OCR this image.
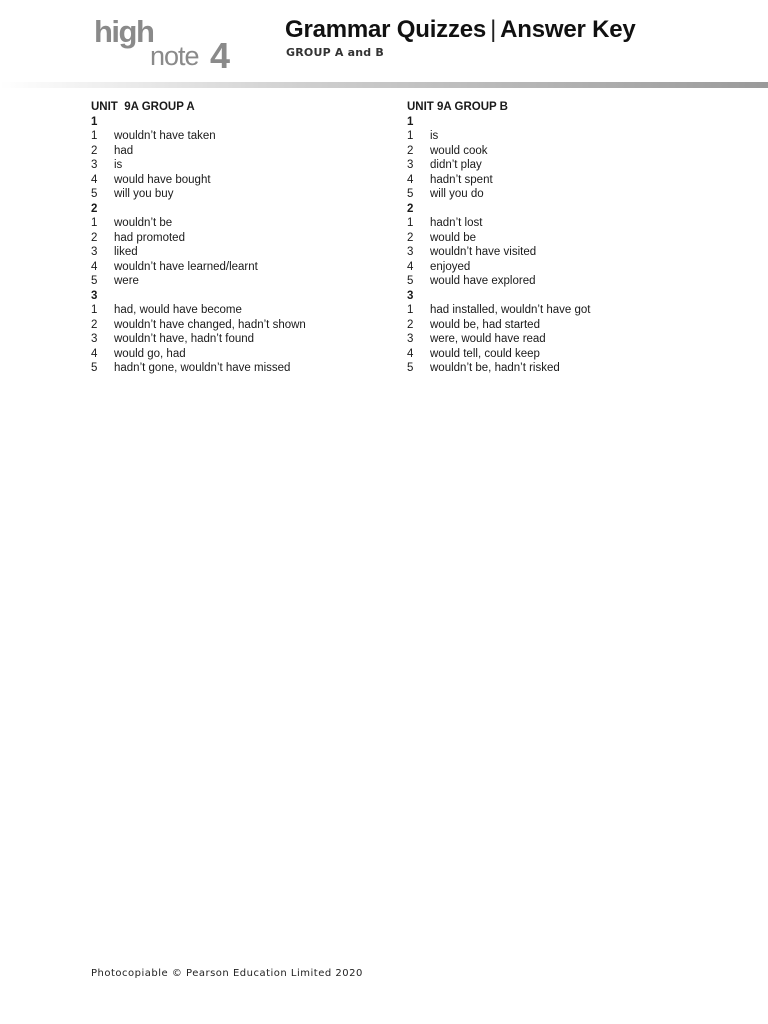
high
note 4
Grammar Quizzes | Answer Key

GROUP A and B

UNIT  9A GROUP A
1
1	wouldn’t have taken
2	had
3	is
4	would have bought
5	will you buy
2
1	wouldn’t be
2	had promoted
3	liked
4	wouldn’t have learned/learnt
5	were
3
1	had, would have become
2	wouldn’t have changed, hadn’t shown
3	wouldn’t have, hadn’t found
4	would go, had
5	hadn’t gone, wouldn’t have missed
UNIT 9A GROUP B
1
1	is
2	would cook
3	didn’t play
4	hadn’t spent
5	will you do
2
1	hadn’t lost
2	would be
3	wouldn’t have visited
4	enjoyed
5	would have explored
3
1	had installed, wouldn’t have got
2	would be, had started
3	were, would have read
4	would tell, could keep
5	wouldn’t be, hadn’t risked

Photocopiable © Pearson Education Limited 2020
